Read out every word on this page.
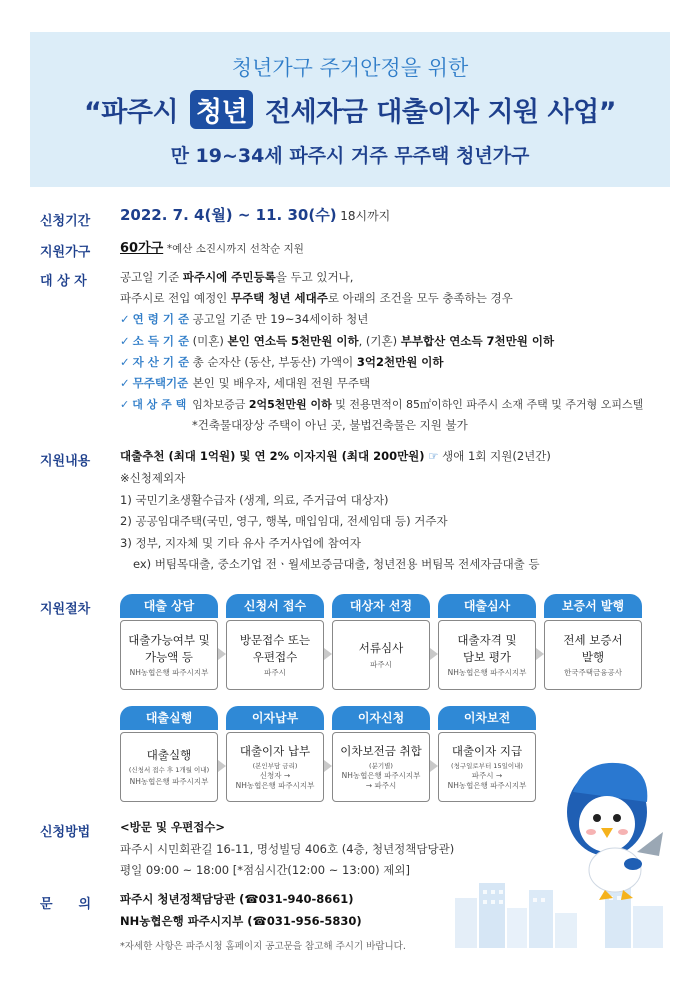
청년가구 주거안정을 위한
“파주시 청년 전세자금 대출이자 지원 사업”
만 19~34세 파주시 거주 무주택 청년가구
신청기간 2022. 7. 4(월) ~ 11. 30(수) 18시까지
지원가구 60가구 *예산 소진시까지 선착순 지원
대 상 자	공고일 기준 파주시에 주민등록을 두고 있거나,
파주시로 전입 예정인 무주택 청년 세대주로 아래의 조건을 모두 충족하는 경우
✓ 연 령 기 준 공고일 기준 만 19~34세이하 청년
✓ 소 득 기 준 (미혼) 본인 연소득 5천만원 이하, (기혼) 부부합산 연소득 7천만원 이하
✓ 자 산 기 준 총 순자산 (동산, 부동산) 가액이 3억2천만원 이하
✓ 무주택기준 본인 및 배우자, 세대원 전원 무주택
✓ 대 상 주 택 임차보증금 2억5천만원 이하 및 전용면적이 85㎡이하인 파주시 소재 주택 및 주거형 오피스텔
*건축물대장상 주택이 아닌 곳, 불법건축물은 지원 불가
지원내용	대출추천 (최대 1억원) 및 연 2% 이자지원 (최대 200만원) ☞ 생애 1회 지원(2년간)
※신청제외자
1) 국민기초생활수급자 (생계, 의료, 주거급여 대상자)
2) 공공임대주택(국민, 영구, 행복, 매입임대, 전세임대 등) 거주자
3) 정부, 지자체 및 기타 유사 주거사업에 참여자
ex) 버팀목대출, 중소기업 전ㆍ월세보증금대출, 청년전용 버팀목 전세자금대출 등
지원절차	대출 상담
대출가능여부 및
가능액 등
NH농협은행 파주시지부
신청서 접수
방문접수 또는
우편접수
파주시
대상자 선정
서류심사
파주시
대출심사
대출자격 및
담보 평가
NH농협은행 파주시지부
보증서 발행
전세 보증서
발행
한국주택금융공사
대출실행
대출실행
(신청서 접수 후 1개월 이내)
NH농협은행 파주시지부
이자납부
대출이자 납부
(본인부담 금리)
신청자 →
NH농협은행 파주시지부
이자신청
이차보전금 취합
(분기별)
NH농협은행 파주시지부
→ 파주시
이차보전
대출이자 지급
(청구일로부터 15일이내)
파주시 →
NH농협은행 파주시지부
신청방법	<방문 및 우편접수>
파주시 시민회관길 16-11, 명성빌딩 406호 (4층, 청년정책담당관)
평일 09:00 ~ 18:00 [*점심시간(12:00 ~ 13:00) 제외]
문　　의	파주시 청년정책담당관 (☎031-940-8661)
NH농협은행 파주시지부 (☎031-956-5830)
*자세한 사항은 파주시청 홈페이지 공고문을 참고해 주시기 바랍니다.
